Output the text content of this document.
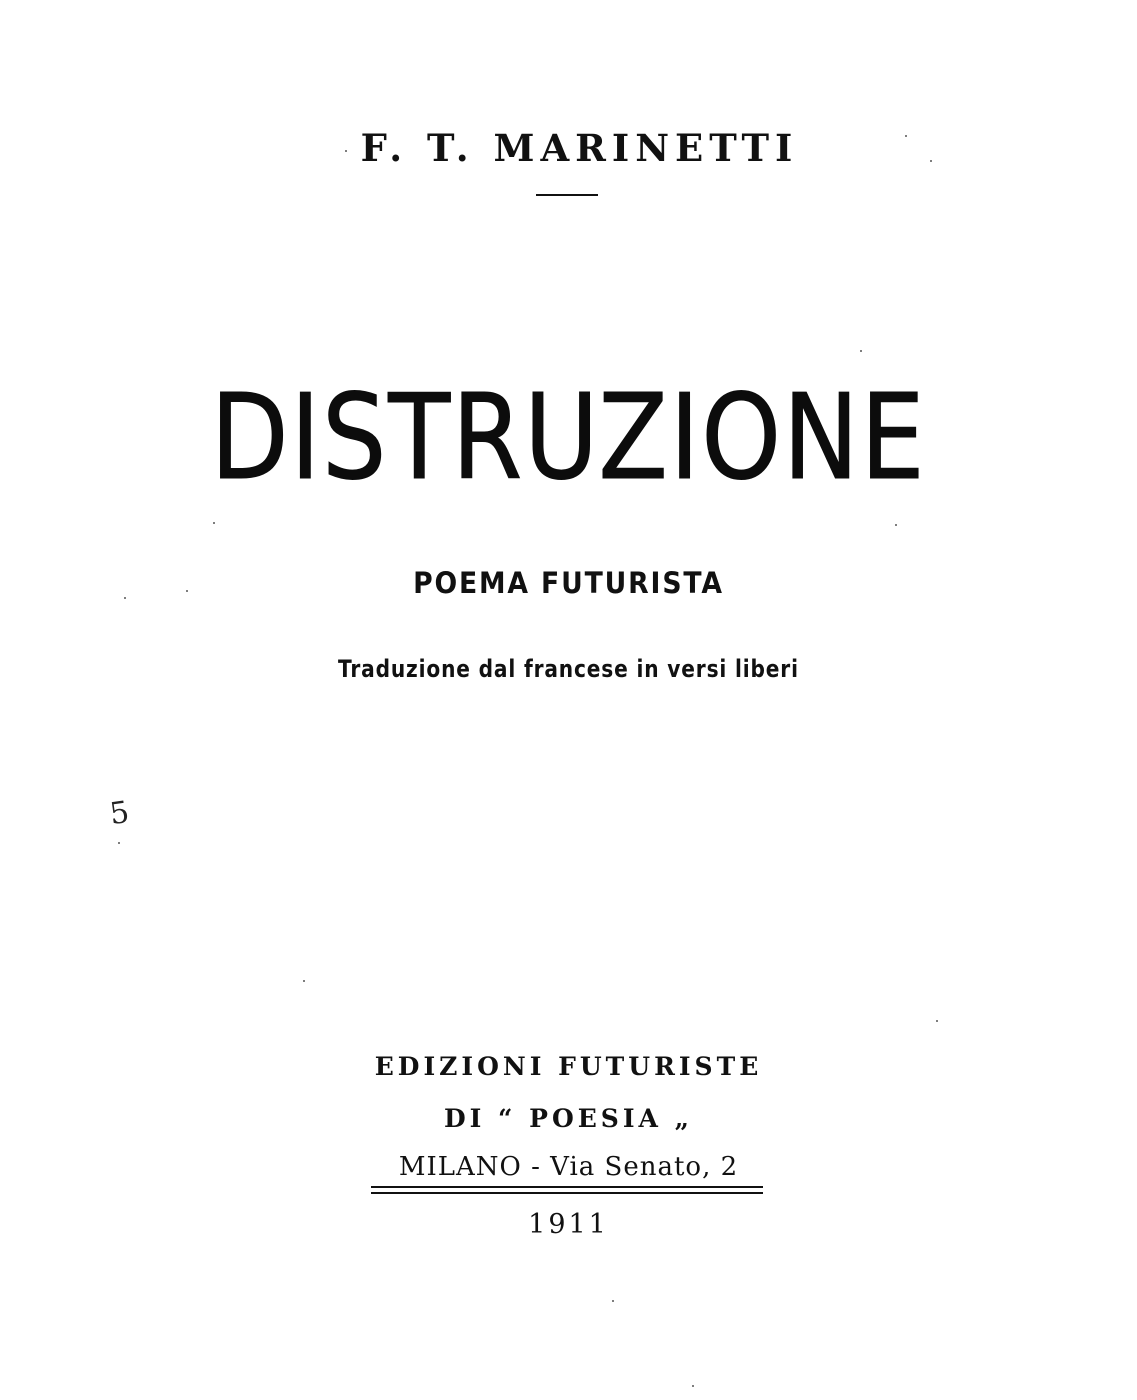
F. T. MARINETTI
DISTRUZIONE
POEMA FUTURISTA
Traduzione dal francese in versi liberi
5
EDIZIONI FUTURISTE
DI “ POESIA „
MILANO - Via Senato, 2
1911
